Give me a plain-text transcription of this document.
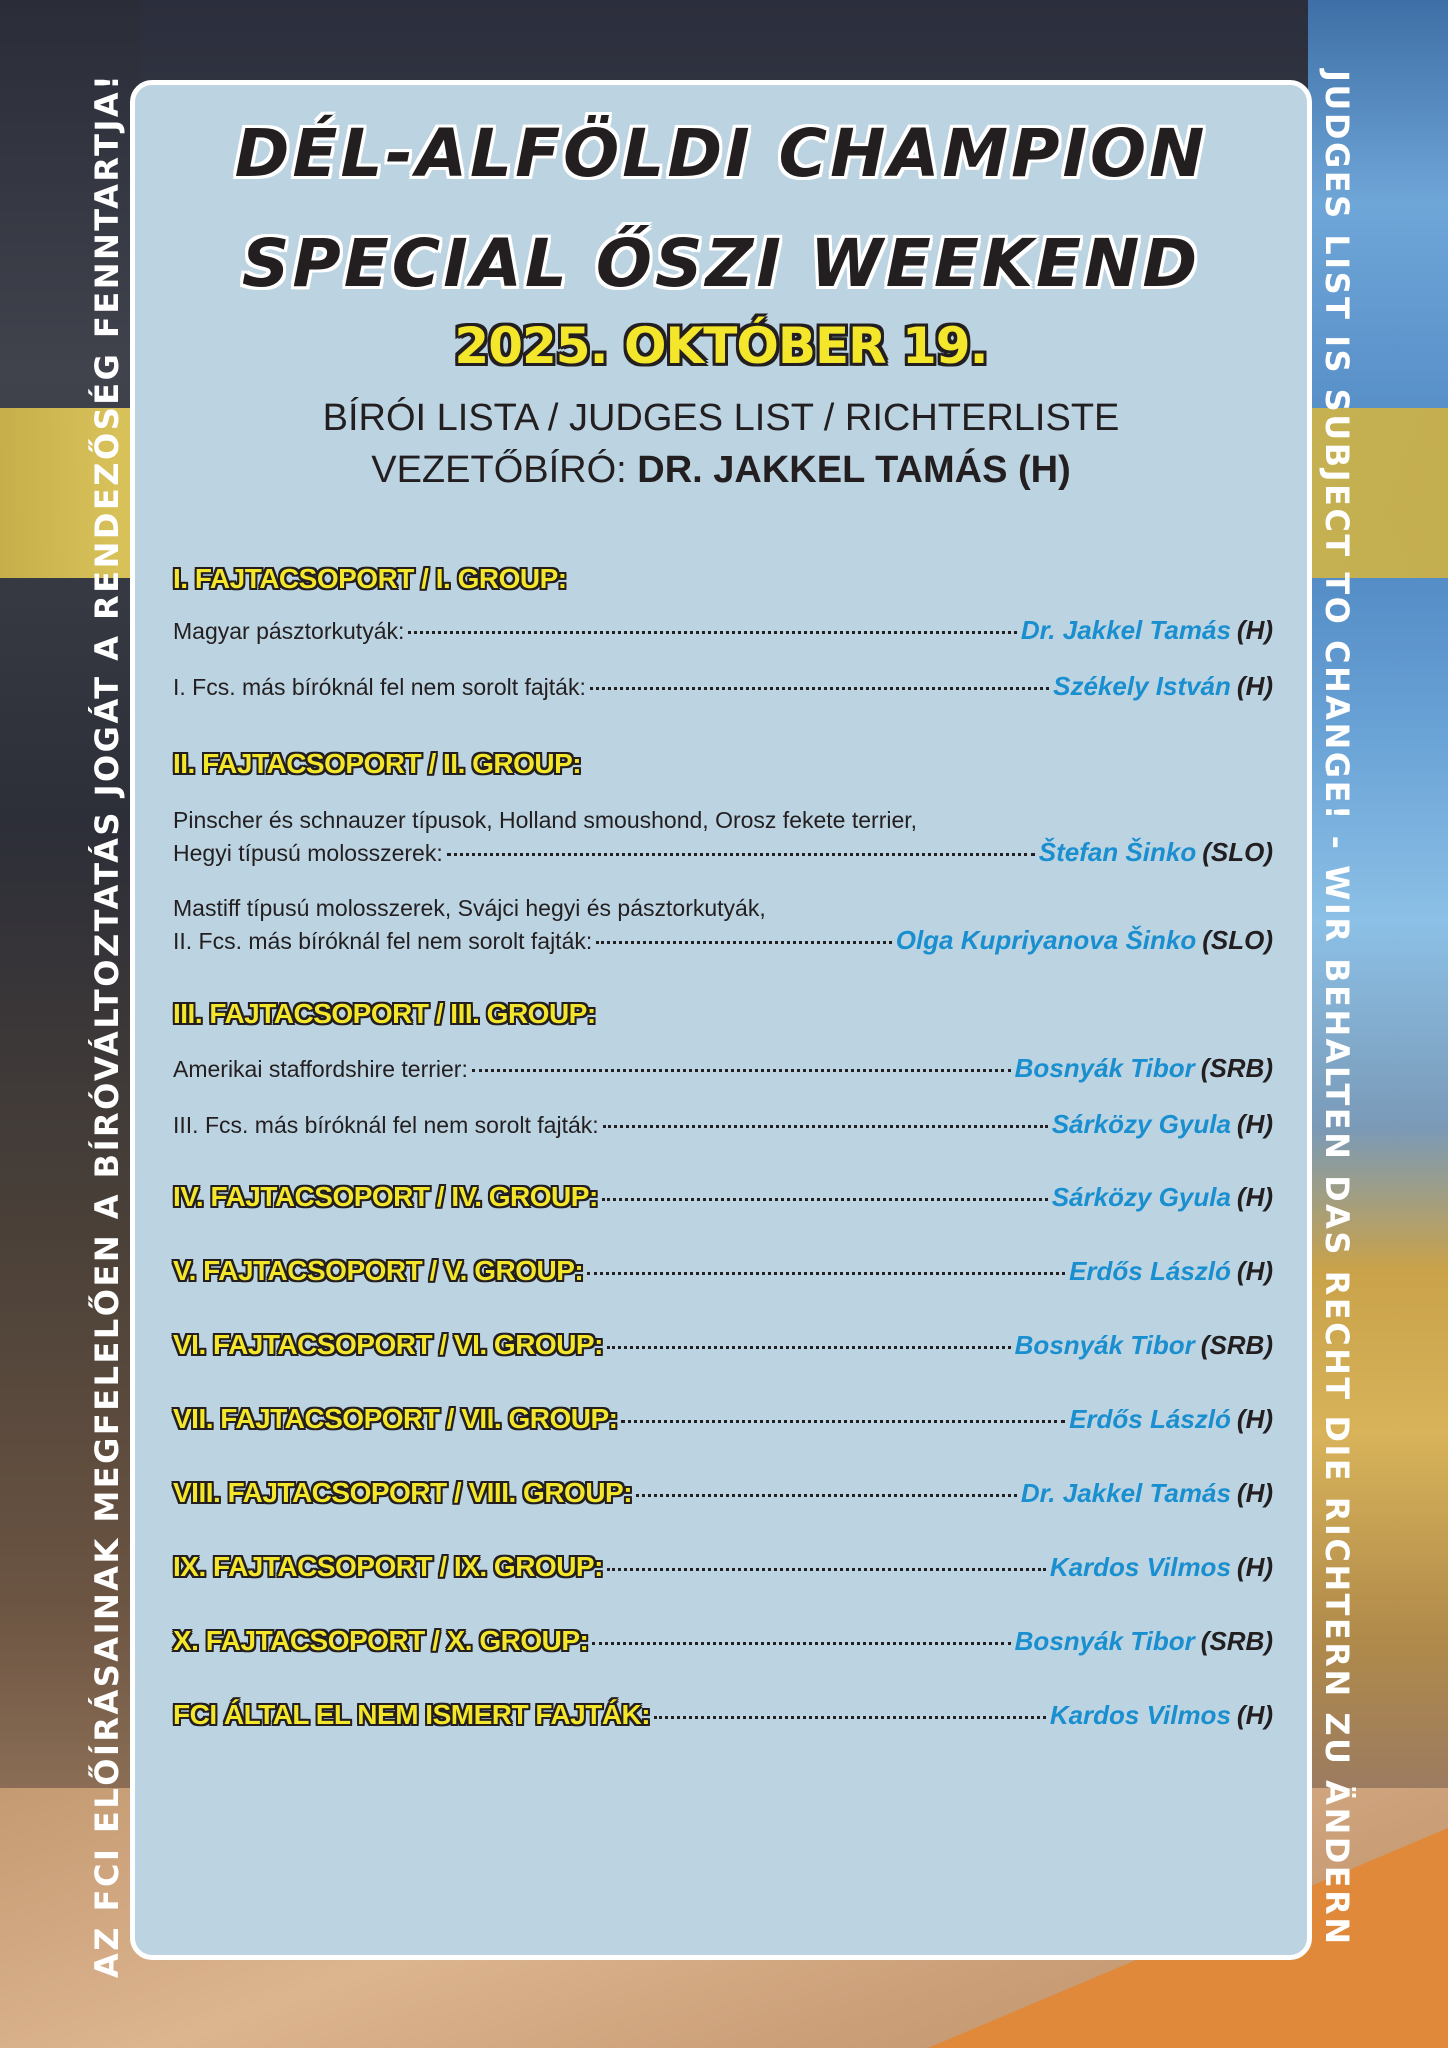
AZ FCI ELŐÍRÁSAINAK MEGFELELŐEN A BÍRÓVÁLTOZTATÁS JOGÁT A RENDEZŐSÉG FENNTARTJA!	JUDGES LIST IS SUBJECT TO CHANGE! - WIR BEHALTEN DAS RECHT DIE RICHTERN ZU ÄNDERN
DÉL-ALFÖLDI CHAMPION
SPECIAL ŐSZI WEEKEND
2025. OKTÓBER 19.
BÍRÓI LISTA / JUDGES LIST / RICHTERLISTE
VEZETŐBÍRÓ: DR. JAKKEL TAMÁS (H)
I. FAJTACSOPORT / I. GROUP:
Magyar pásztorkutyák:	Dr. Jakkel Tamás (H)
I. Fcs. más bíróknál fel nem sorolt fajták:	Székely István (H)
II. FAJTACSOPORT / II. GROUP:
Pinscher és schnauzer típusok, Holland smoushond, Orosz fekete terrier,
Hegyi típusú molosszerek:	Štefan Šinko (SLO)
Mastiff típusú molosszerek, Svájci hegyi és pásztorkutyák,
II. Fcs. más bíróknál fel nem sorolt fajták:	Olga Kupriyanova Šinko (SLO)
III. FAJTACSOPORT / III. GROUP:
Amerikai staffordshire terrier:	Bosnyák Tibor (SRB)
III. Fcs. más bíróknál fel nem sorolt fajták:	Sárközy Gyula (H)
IV. FAJTACSOPORT / IV. GROUP:	Sárközy Gyula (H)
V. FAJTACSOPORT / V. GROUP:	Erdős László (H)
VI. FAJTACSOPORT / VI. GROUP:	Bosnyák Tibor (SRB)
VII. FAJTACSOPORT / VII. GROUP:	Erdős László (H)
VIII. FAJTACSOPORT / VIII. GROUP:	Dr. Jakkel Tamás (H)
IX. FAJTACSOPORT / IX. GROUP:	Kardos Vilmos (H)
X. FAJTACSOPORT / X. GROUP:	Bosnyák Tibor (SRB)
FCI ÁLTAL EL NEM ISMERT FAJTÁK:	Kardos Vilmos (H)
